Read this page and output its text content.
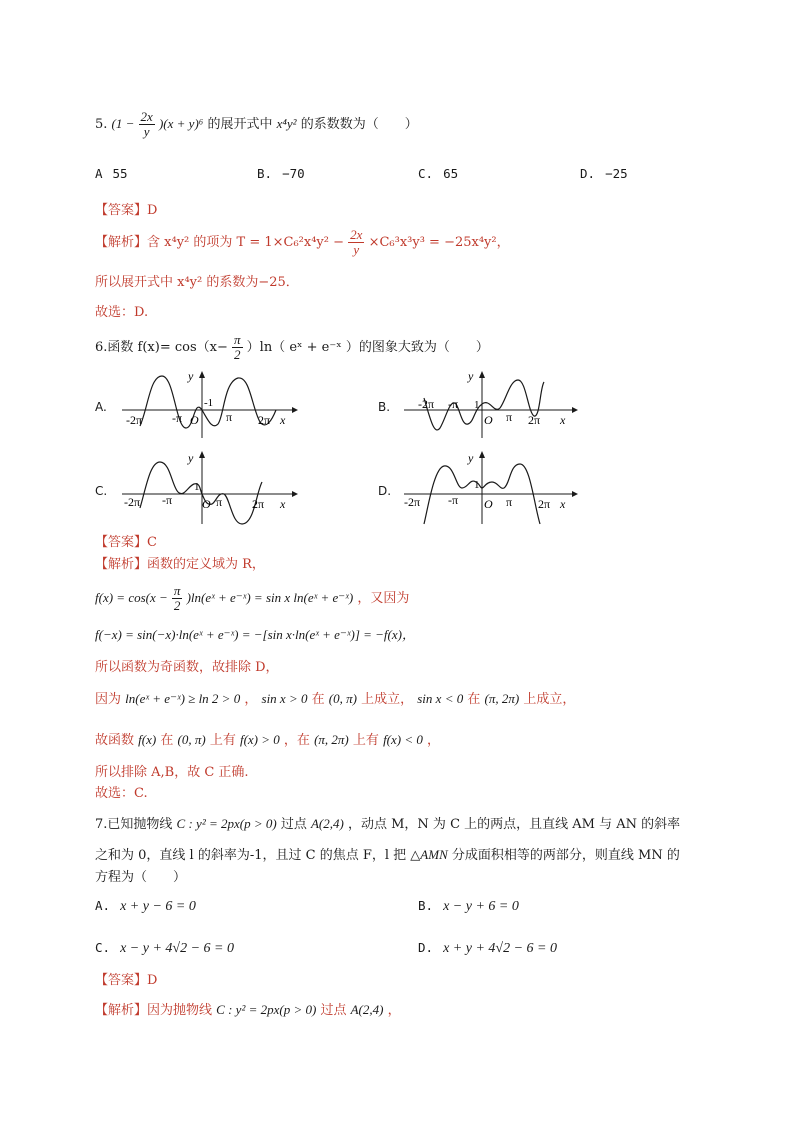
5. $(1 - \frac{2x}{y} )(x + y)^6$ 的展开式中 x⁴y² 的系数数为（　　）
A 55	B. −70	C. 65	D. −25
【答案】D
【解析】含 x⁴y² 的项为 $T = 1\times C_6^2x^4y^2 - \frac{2x}{y} \times C_6^3x^3y^3 = -25x^4y^2$，
所以展开式中 x⁴y² 的系数为−25．
故选：D.
6.函数 $f(x)= \cos(x- \frac{\pi}{2} )\ln$（ eˣ + e⁻ˣ ）的图象大致为（　　）
A.
y
x
O
-1
π 2π
-π
-2π
B.
y
x
O
1
π 2π
-π
-2π
C.
y
x
O
1
π 2π
-π
-2π
D.
y
x
O
1
π 2π
-π
-2π
【答案】C
【解析】函数的定义域为 R，
$f(x) = \cos(x - \frac{\pi}{2}$ )ln(eˣ + e⁻ˣ) = sin x ln(eˣ + e⁻ˣ) ，又因为
f(−x) = sin(−x)·ln(eˣ + e⁻ˣ) = −[sin x·ln(eˣ + e⁻ˣ)] = −f(x)，
所以函数为奇函数，故排除 D，
因为 ln(eˣ + e⁻ˣ) ≥ ln 2 > 0 ， sin x > 0 在 (0, π) 上成立， sin x < 0 在 (π, 2π) 上成立，
故函数 f(x) 在 (0, π) 上有 f(x) > 0 ，在 (π, 2π) 上有 f(x) < 0 ，
所以排除 A,B，故 C 正确.
故选：C.
7.已知抛物线 C : y² = 2px(p > 0) 过点 A(2,4) ，动点 M，N 为 C 上的两点，且直线 AM 与 AN 的斜率
之和为 0，直线 l 的斜率为-1，且过 C 的焦点 F，l 把 △AMN 分成面积相等的两部分，则直线 MN 的
方程为（　　）
A. x + y − 6 = 0	B. x − y + 6 = 0
C. x − y + 4√2 − 6 = 0	D. x + y + 4√2 − 6 = 0
【答案】D
【解析】因为抛物线 C : y² = 2px(p > 0) 过点 A(2,4) ，
